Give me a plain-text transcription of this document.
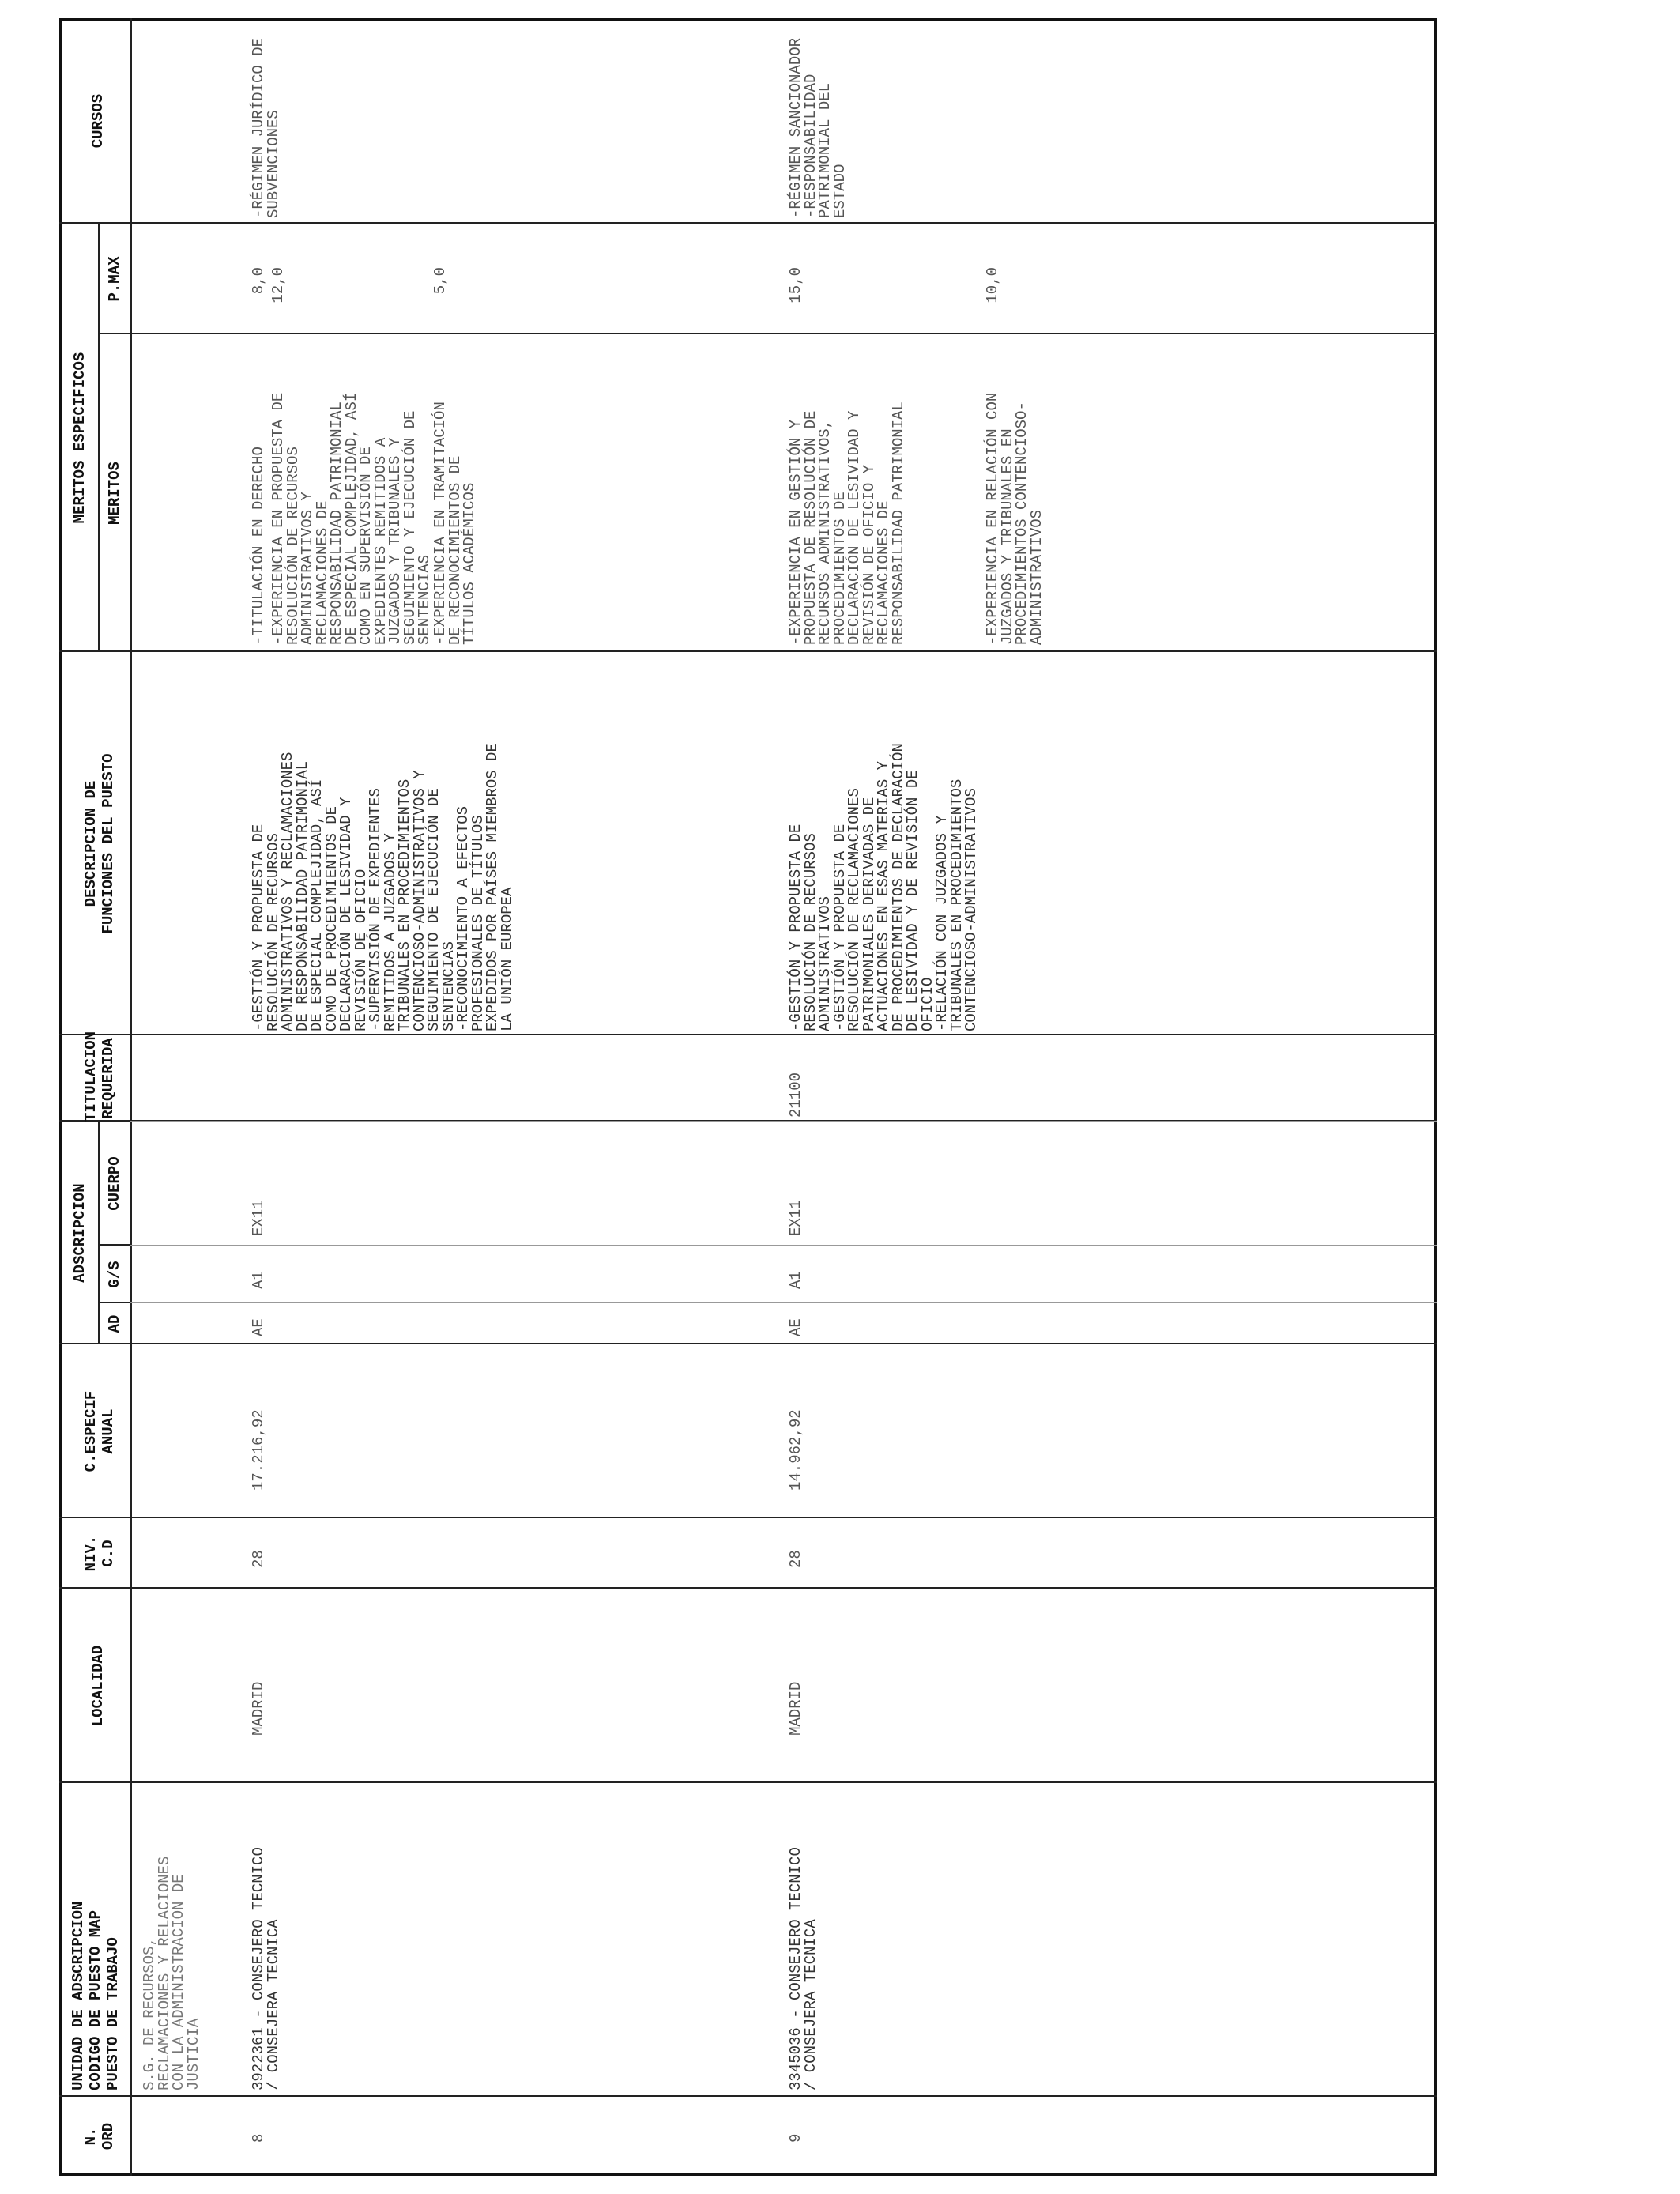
N.
ORD
UNIDAD DE ADSCRIPCION
CODIGO DE PUESTO MAP
PUESTO DE TRABAJO
LOCALIDAD
NIV.
C.D
C.ESPECIF
ANUAL
ADSCRIPCION
AD
G/S
CUERPO
TITULACION
REQUERIDA
DESCRIPCION DE
FUNCIONES DEL PUESTO
MERITOS ESPECIFICOS MERITOS
P.MAX
CURSOS
S.G. DE RECURSOS,
RECLAMACIONES Y RELACIONES
CON LA ADMINISTRACION DE
JUSTICIA
8
3922361 - CONSEJERO TECNICO
/ CONSEJERA TECNICA
MADRID
28
17.216,92
AE
A1
EX11
-GESTIÓN Y PROPUESTA DE
RESOLUCIÓN DE RECURSOS
ADMINISTRATIVOS Y RECLAMACIONES
DE RESPONSABILIDAD PATRIMONIAL
DE ESPECIAL COMPLEJIDAD, ASÍ
COMO DE PROCEDIMIENTOS DE
DECLARACIÓN DE LESIVIDAD Y
REVISIÓN DE OFICIO
-SUPERVISIÓN DE EXPEDIENTES
REMITIDOS A JUZGADOS Y
TRIBUNALES EN PROCEDIMIENTOS
CONTENCIOSO-ADMINISTRATIVOS Y
SEGUIMIENTO DE EJECUCIÓN DE
SENTENCIAS
-RECONOCIMIENTO A EFECTOS
PROFESIONALES DE TÍTULOS
EXPEDIDOS POR PAÍSES MIEMBROS DE
LA UNIÓN EUROPEA
-TITULACIÓN EN DERECHO
8,0
-EXPERIENCIA EN PROPUESTA DE
RESOLUCIÓN DE RECURSOS
ADMINISTRATIVOS Y
RECLAMACIONES DE
RESPONSABILIDAD PATRIMONIAL
DE ESPECIAL COMPLEJIDAD, ASÍ
COMO EN SUPERVISIÓN DE
EXPEDIENTES REMITIDOS A
JUZGADOS Y TRIBUNALES Y
SEGUIMIENTO Y EJECUCIÓN DE
SENTENCIAS
12,0
-EXPERIENCIA EN TRAMITACIÓN
DE RECONOCIMIENTOS DE
TÍTULOS ACADÉMICOS
5,0
-RÉGIMEN JURÍDICO DE
SUBVENCIONES
9
3345036 - CONSEJERO TECNICO
/ CONSEJERA TECNICA
MADRID
28
14.962,92
AE
A1
EX11
21100
-GESTIÓN Y PROPUESTA DE
RESOLUCIÓN DE RECURSOS
ADMINISTRATIVOS
-GESTIÓN Y PROPUESTA DE
RESOLUCIÓN DE RECLAMACIONES
PATRIMONIALES DERIVADAS DE
ACTUACIONES EN ESAS MATERIAS Y
DE PROCEDIMIENTOS DE DECLARACIÓN
DE LESIVIDAD Y DE REVISIÓN DE
OFICIO
-RELACIÓN CON JUZGADOS Y
TRIBUNALES EN PROCEDIMIENTOS
CONTENCIOSO-ADMINISTRATIVOS
-EXPERIENCIA EN GESTIÓN Y
PROPUESTA DE RESOLUCIÓN DE
RECURSOS ADMINISTRATIVOS,
PROCEDIMIENTOS DE
DECLARACIÓN DE LESIVIDAD Y
REVISIÓN DE OFICIO Y
RECLAMACIONES DE
RESPONSABILIDAD PATRIMONIAL
15,0
-EXPERIENCIA EN RELACIÓN CON
JUZGADOS Y TRIBUNALES EN
PROCEDIMIENTOS CONTENCIOSO-
ADMINISTRATIVOS
10,0
-RÉGIMEN SANCIONADOR
-RESPONSABILIDAD
PATRIMONIAL DEL
ESTADO
